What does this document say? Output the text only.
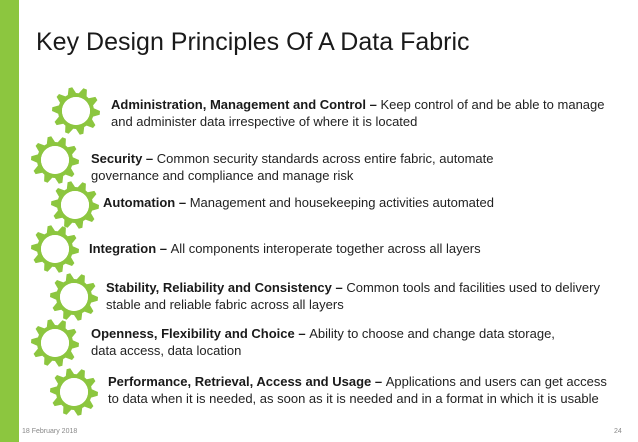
Key Design Principles Of A Data Fabric
Administration, Management and Control – Keep control of and be able to manage and administer data irrespective of where it is located
Security – Common security standards across entire fabric, automate governance and compliance and manage risk
Automation – Management and housekeeping activities automated
Integration – All components interoperate together across all layers
Stability, Reliability and Consistency – Common tools and facilities used to delivery stable and reliable fabric across all layers
Openness, Flexibility and Choice – Ability to choose and change data storage, data access, data location
Performance, Retrieval, Access and Usage – Applications and users can get access to data when it is needed, as soon as it is needed and in a format in which it is usable
18 February 2018	24
